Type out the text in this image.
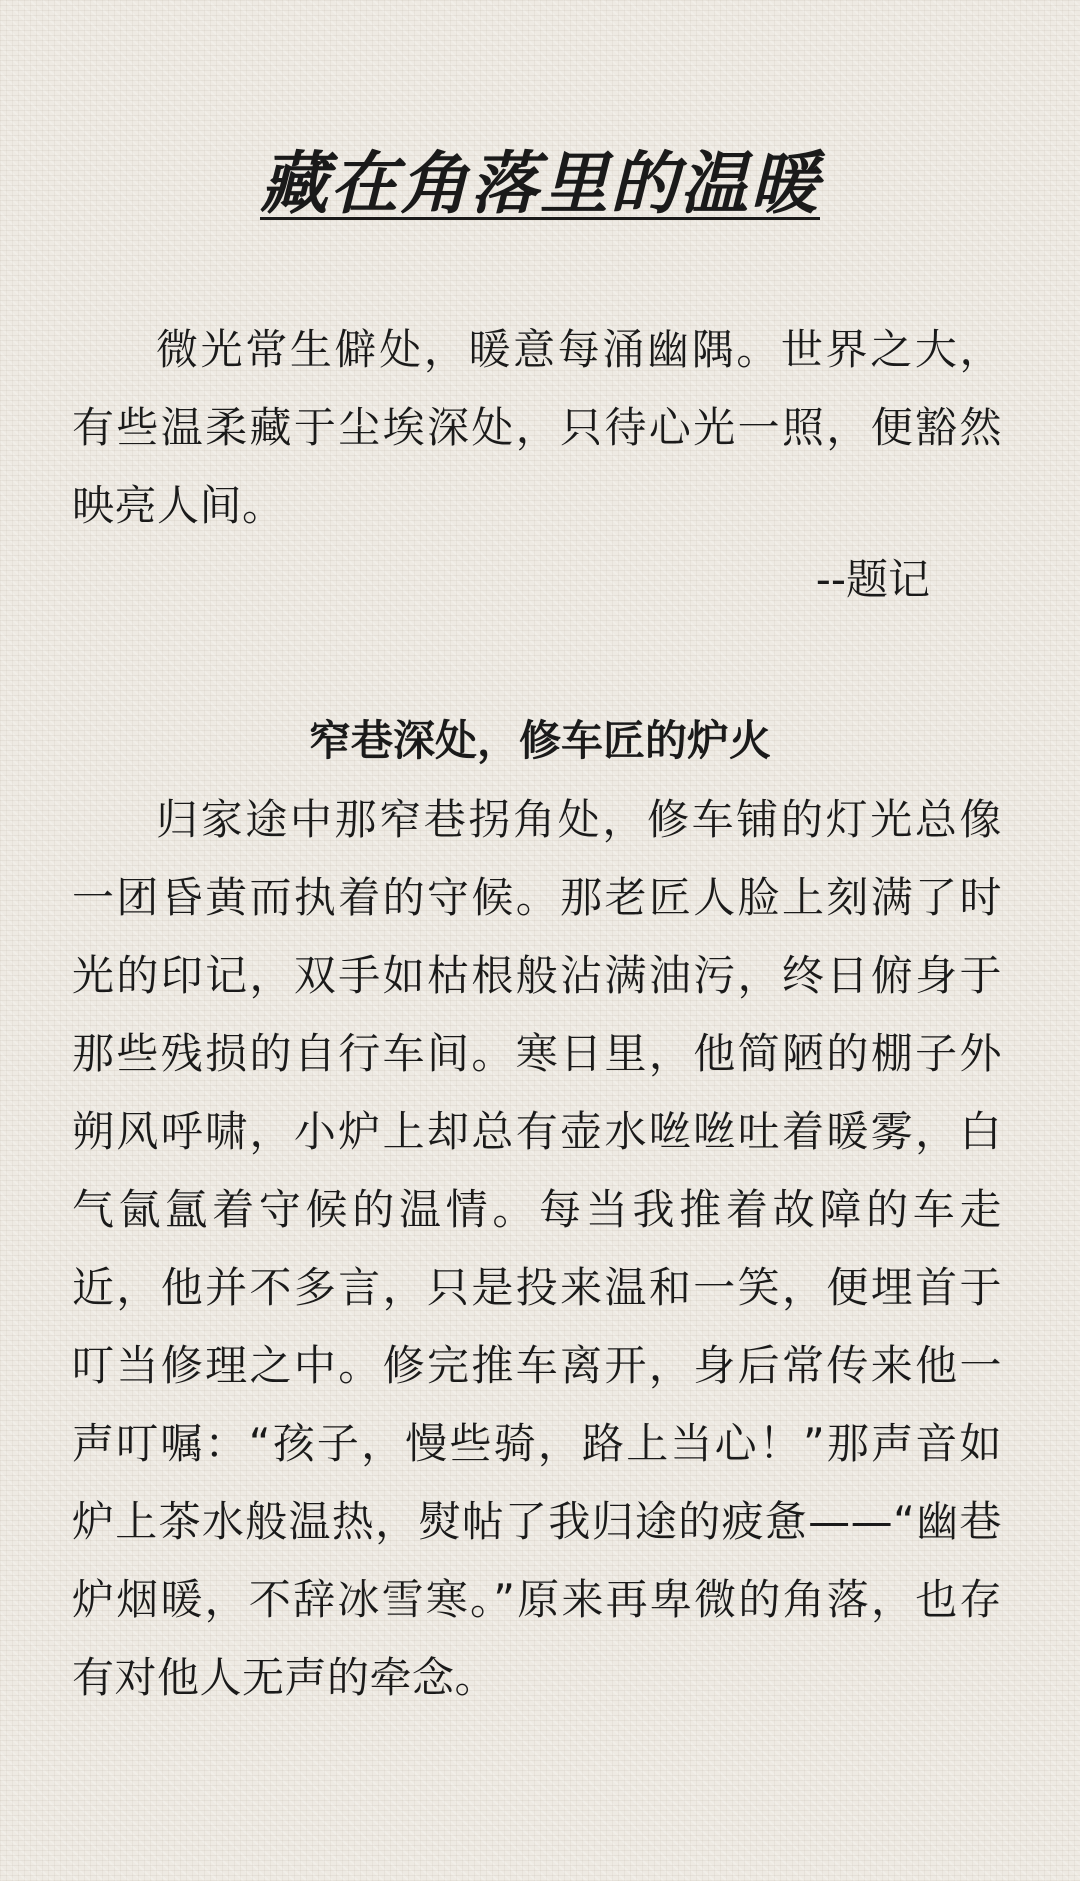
藏在角落里的温暖

微光常生僻处，暖意每涌幽隅。世界之大，有些温柔藏于尘埃深处，只待心光一照，便豁然映亮人间。

--题记

窄巷深处，修车匠的炉火

归家途中那窄巷拐角处，修车铺的灯光总像一团昏黄而执着的守候。那老匠人脸上刻满了时光的印记，双手如枯根般沾满油污，终日俯身于那些残损的自行车间。寒日里，他简陋的棚子外朔风呼啸，小炉上却总有壶水咝咝吐着暖雾，白气氤氲着守候的温情。每当我推着故障的车走近，他并不多言，只是投来温和一笑，便埋首于叮当修理之中。修完推车离开，身后常传来他一声叮嘱：“孩子，慢些骑，路上当心！”那声音如炉上茶水般温热，熨帖了我归途的疲惫——“幽巷炉烟暖，不辞冰雪寒。”原来再卑微的角落，也存有对他人无声的牵念。
